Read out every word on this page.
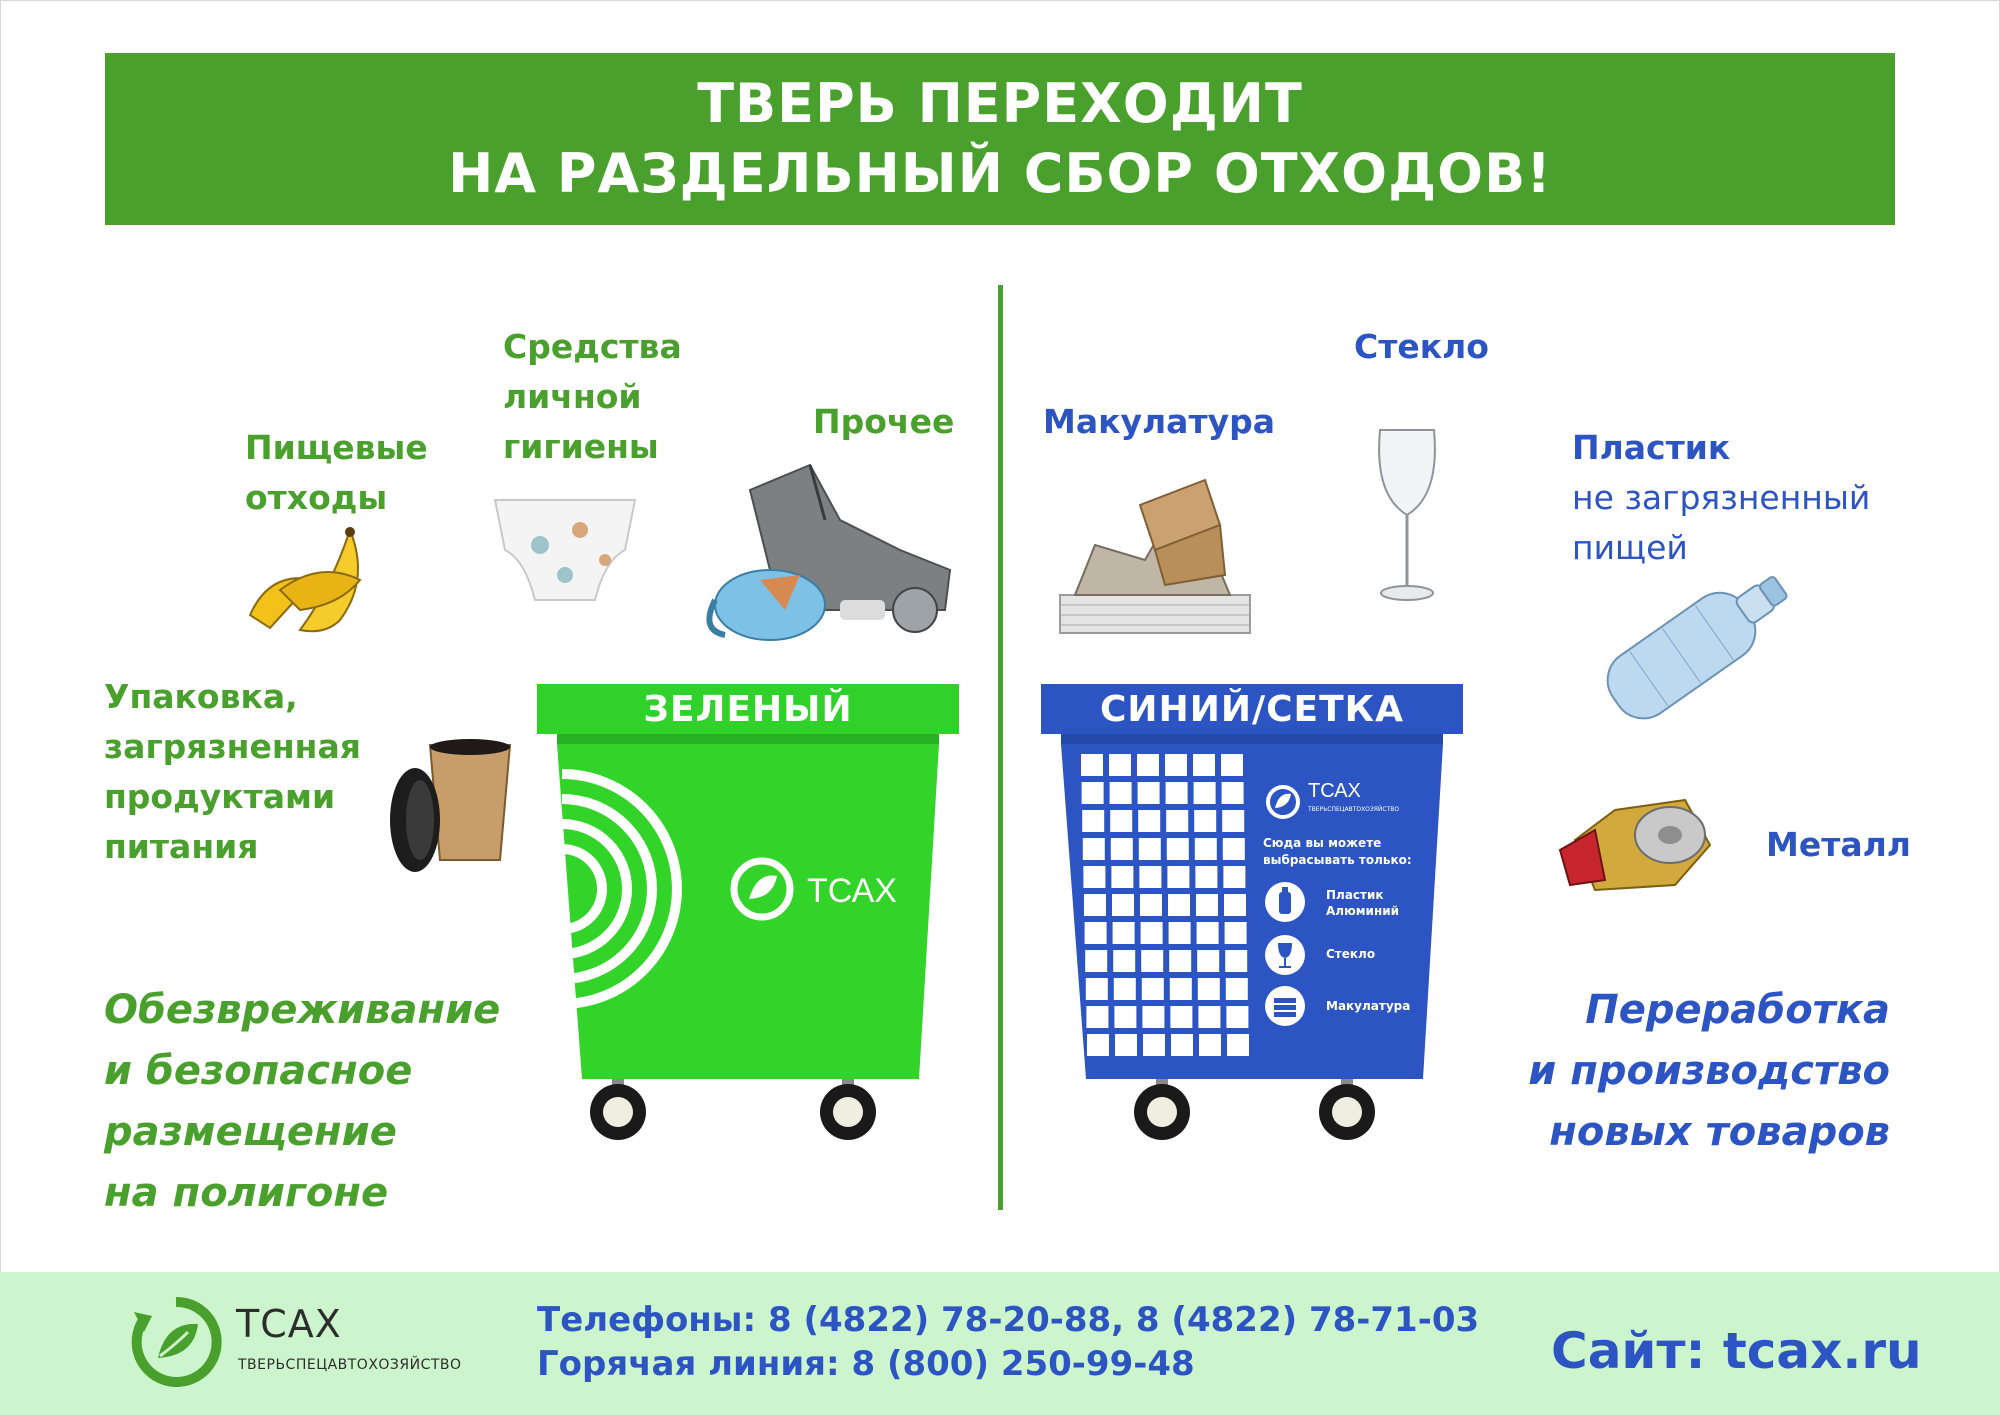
ТВЕРЬ ПЕРЕХОДИТ
НА РАЗДЕЛЬНЫЙ СБОР ОТХОДОВ!
Пищевые
отходы
Средства
личной
гигиены
Прочее
Упаковка,
загрязненная
продуктами
питания
ТСАХ
ЗЕЛЕНЫЙ
Обезвреживание
и безопасное
размещение
на полигоне
Макулатура
Стекло
Пластик
не загрязненный
пищей
Металл
СИНИЙ/СЕТКА
ТСАХ
ТВЕРЬСПЕЦАВТОХОЗЯЙСТВО
Сюда вы можете
выбрасывать только:
Пластик
Алюминий
Стекло
Макулатура	Переработка
и производство
новых товаров
ТСАХ
ТВЕРЬСПЕЦАВТОХОЗЯЙСТВО
Телефоны: 8 (4822) 78-20-88, 8 (4822) 78-71-03
Горячая линия: 8 (800) 250-99-48	Сайт: tcax.ru
